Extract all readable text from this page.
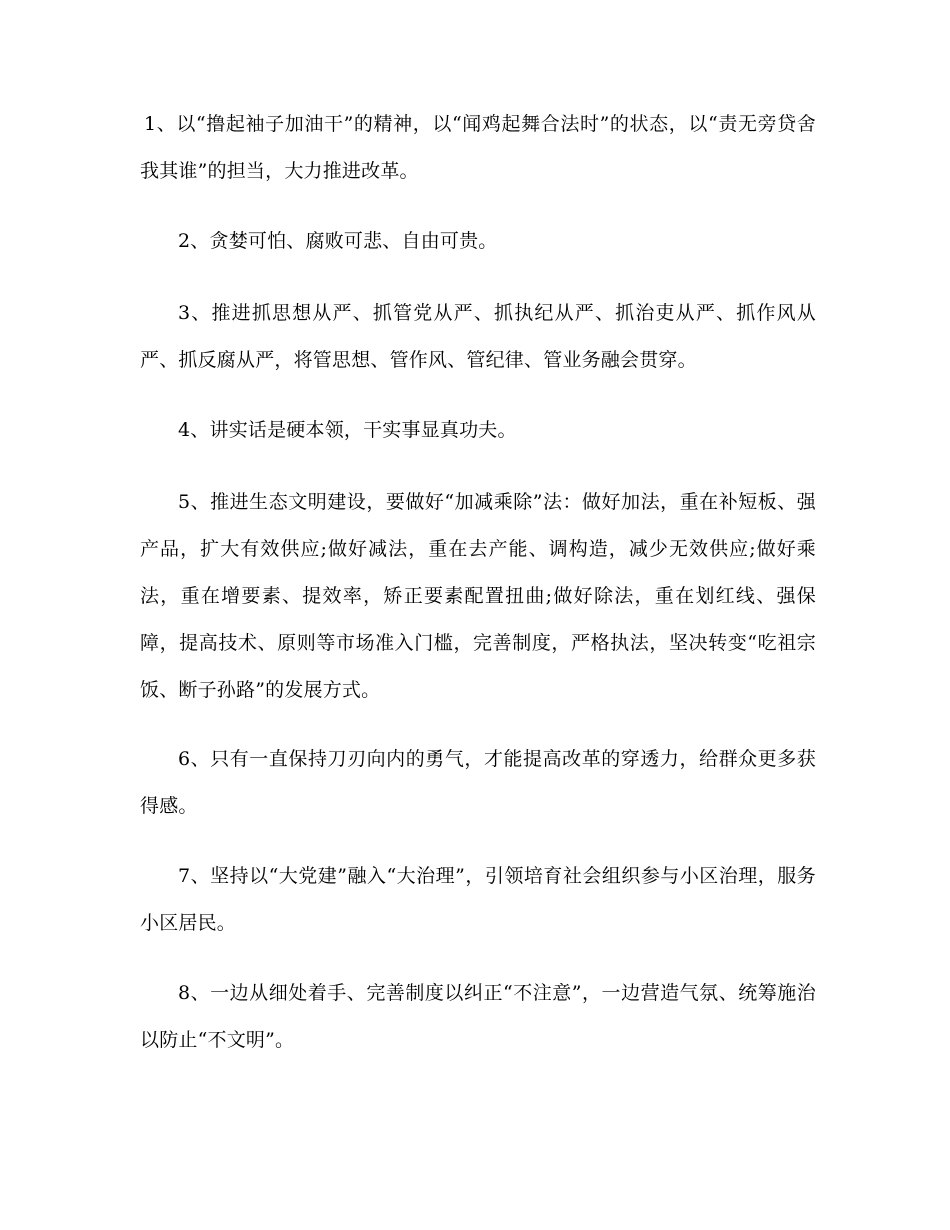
1、以“撸起袖子加油干”的精神，以“闻鸡起舞合法时”的状态，以“责无旁贷舍我其谁”的担当，大力推进改革。

2、贪婪可怕、腐败可悲、自由可贵。

3、推进抓思想从严、抓管党从严、抓执纪从严、抓治吏从严、抓作风从严、抓反腐从严，将管思想、管作风、管纪律、管业务融会贯穿。

4、讲实话是硬本领，干实事显真功夫。

5、推进生态文明建设，要做好“加减乘除”法：做好加法，重在补短板、强产品，扩大有效供应;做好减法，重在去产能、调构造，减少无效供应;做好乘法，重在增要素、提效率，矫正要素配置扭曲;做好除法，重在划红线、强保障，提高技术、原则等市场准入门槛，完善制度，严格执法，坚决转变“吃祖宗饭、断子孙路”的发展方式。

6、只有一直保持刀刃向内的勇气，才能提高改革的穿透力，给群众更多获得感。

7、坚持以“大党建”融入“大治理”，引领培育社会组织参与小区治理，服务小区居民。

8、一边从细处着手、完善制度以纠正“不注意”，一边营造气氛、统筹施治以防止“不文明”。
